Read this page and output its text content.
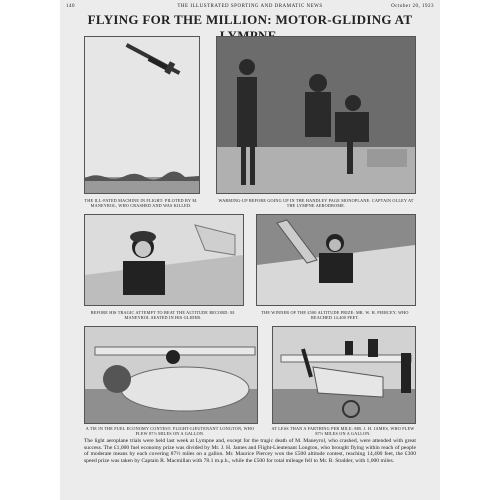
140	THE ILLUSTRATED SPORTING AND DRAMATIC NEWS	October 20, 1923
FLYING FOR THE MILLION: MOTOR-GLIDING AT
THE ILL-FATED MACHINE IN FLIGHT: PILOTED BY M. MANEYROL, WHO CRASHED AND WAS KILLED.
WARMING-UP BEFORE GOING UP IN THE HANDLEY PAGE MONOPLANE: CAPTAIN OLLEY AT THE LYMPNE AERODROME.
BEFORE HIS TRAGIC ATTEMPT TO BEAT THE ALTITUDE RECORD: M. MANEYROL SEATED IN HIS GLIDER.
THE WINNER OF THE £500 ALTITUDE PRIZE: MR. W. H. PIERCEY, WHO REACHED 14,400 FEET.
A TIE IN THE FUEL ECONOMY CONTEST: FLIGHT-LIEUTENANT LONGTON, WHO FLEW 87½ MILES ON A GALLON.
AT LESS THAN A FARTHING PER MILE: MR. J. H. JAMES, WHO FLEW 87½ MILES ON A GALLON.
The light aeroplane trials were held last week at Lympne and, except for the tragic death of M. Maneyrol, who crashed, were attended with great success. The £1,000 fuel economy prize was divided by Mr. J. H. James and Flight-Lieutenant Longton, who brought flying within reach of people of moderate means by each covering 87½ miles on a gallon. Mr. Maurice Piercey won the £500 altitude contest, reaching 14,400 feet, the £300 speed prize was taken by Captain R. Macmillan with 78.1 m.p.h., while the £500 for total mileage fell to Mr. B. Studder, with 1,000 miles.
